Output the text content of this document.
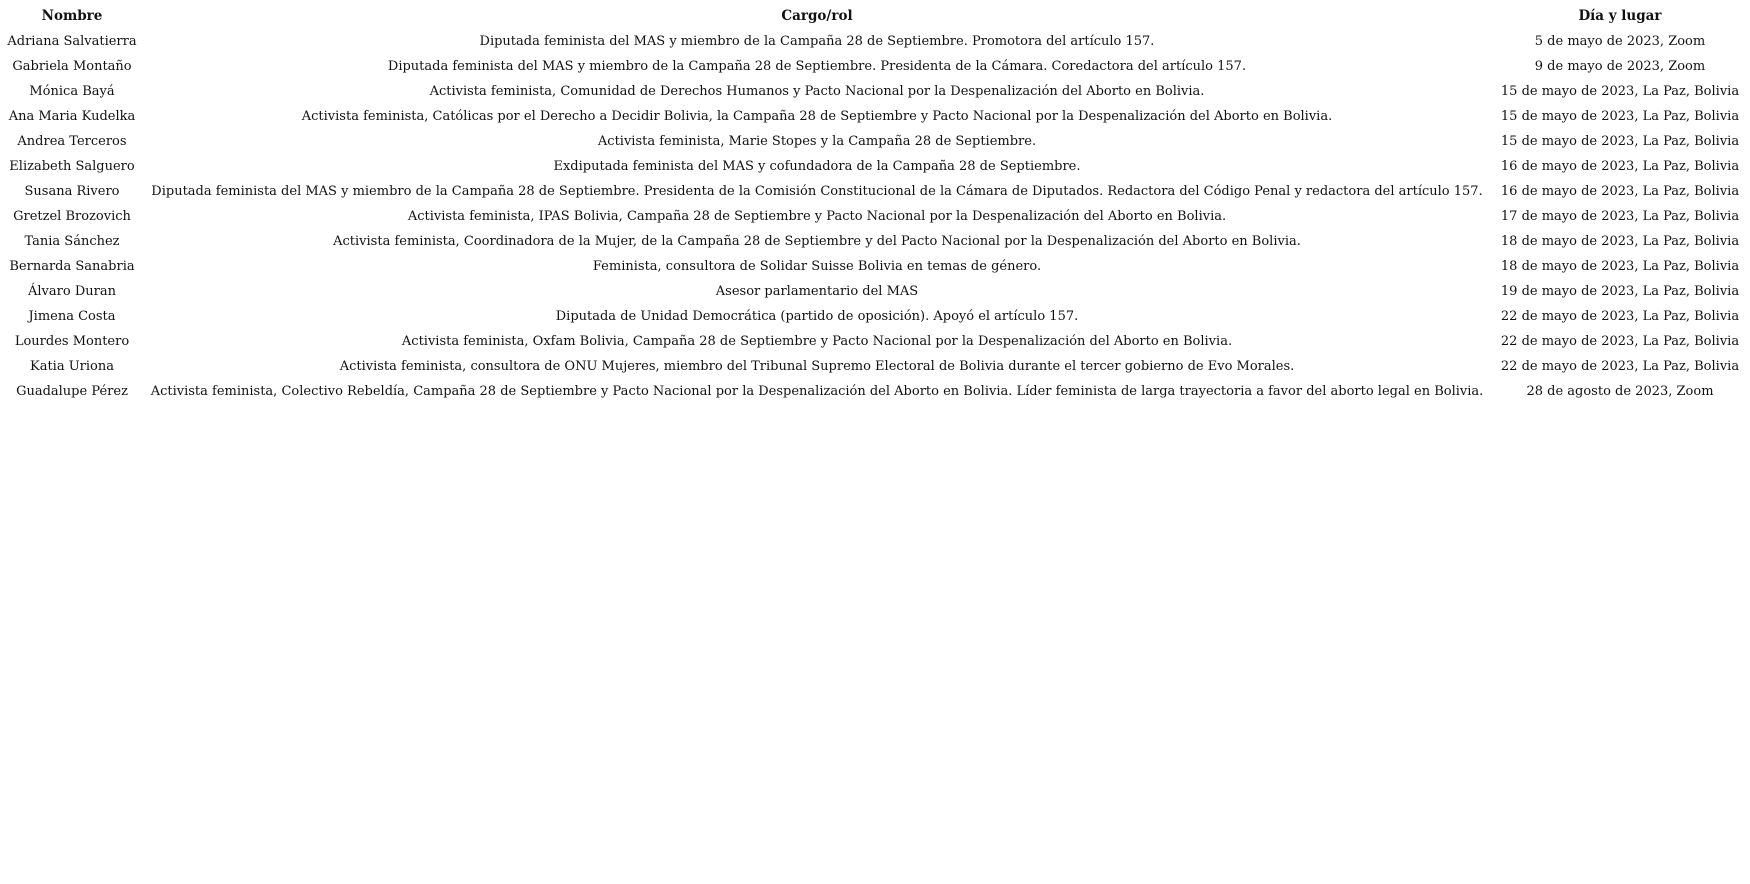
Nombre	Cargo/rol	Día y lugar
Adriana Salvatierra	Diputada feminista del MAS y miembro de la Campaña 28 de Septiembre. Promotora del artículo 157.	5 de mayo de 2023, Zoom
Gabriela Montaño	Diputada feminista del MAS y miembro de la Campaña 28 de Septiembre. Presidenta de la Cámara. Coredactora del artículo 157.	9 de mayo de 2023, Zoom
Mónica Bayá	Activista feminista, Comunidad de Derechos Humanos y Pacto Nacional por la Despenalización del Aborto en Bolivia.	15 de mayo de 2023, La Paz, Bolivia
Ana Maria Kudelka	Activista feminista, Católicas por el Derecho a Decidir Bolivia, la Campaña 28 de Septiembre y Pacto Nacional por la Despenalización del Aborto en Bolivia.	15 de mayo de 2023, La Paz, Bolivia
Andrea Terceros	Activista feminista, Marie Stopes y la Campaña 28 de Septiembre.	15 de mayo de 2023, La Paz, Bolivia
Elizabeth Salguero	Exdiputada feminista del MAS y cofundadora de la Campaña 28 de Septiembre.	16 de mayo de 2023, La Paz, Bolivia
Susana Rivero	Diputada feminista del MAS y miembro de la Campaña 28 de Septiembre. Presidenta de la Comisión Constitucional de la Cámara de Diputados. Redactora del Código Penal y redactora del artículo 157.	16 de mayo de 2023, La Paz, Bolivia
Gretzel Brozovich	Activista feminista, IPAS Bolivia, Campaña 28 de Septiembre y Pacto Nacional por la Despenalización del Aborto en Bolivia.	17 de mayo de 2023, La Paz, Bolivia
Tania Sánchez	Activista feminista, Coordinadora de la Mujer, de la Campaña 28 de Septiembre y del Pacto Nacional por la Despenalización del Aborto en Bolivia.	18 de mayo de 2023, La Paz, Bolivia
Bernarda Sanabria	Feminista, consultora de Solidar Suisse Bolivia en temas de género.	18 de mayo de 2023, La Paz, Bolivia
Álvaro Duran	Asesor parlamentario del MAS	19 de mayo de 2023, La Paz, Bolivia
Jimena Costa	Diputada de Unidad Democrática (partido de oposición). Apoyó el artículo 157.	22 de mayo de 2023, La Paz, Bolivia
Lourdes Montero	Activista feminista, Oxfam Bolivia, Campaña 28 de Septiembre y Pacto Nacional por la Despenalización del Aborto en Bolivia.	22 de mayo de 2023, La Paz, Bolivia
Katia Uriona	Activista feminista, consultora de ONU Mujeres, miembro del Tribunal Supremo Electoral de Bolivia durante el tercer gobierno de Evo Morales.	22 de mayo de 2023, La Paz, Bolivia
Guadalupe Pérez	Activista feminista, Colectivo Rebeldía, Campaña 28 de Septiembre y Pacto Nacional por la Despenalización del Aborto en Bolivia. Líder feminista de larga trayectoria a favor del aborto legal en Bolivia.	28 de agosto de 2023, Zoom
